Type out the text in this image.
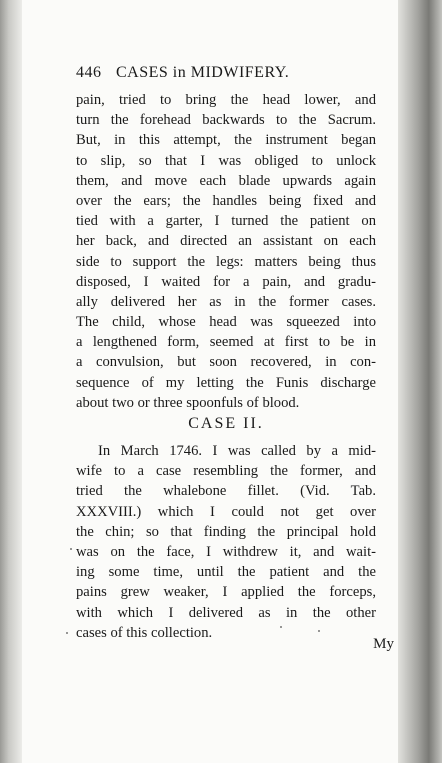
446 CASES in MIDWIFERY.
pain, tried to bring the head lower, and
turn the forehead backwards to the Sacrum.
But, in this attempt, the instrument began
to slip, so that I was obliged to unlock
them, and move each blade upwards again
over the ears; the handles being fixed and
tied with a garter, I turned the patient on
her back, and directed an assistant on each
side to support the legs: matters being thus
disposed, I waited for a pain, and gradu-
ally delivered her as in the former cases.
The child, whose head was squeezed into
a lengthened form, seemed at first to be in
a convulsion, but soon recovered, in con-
sequence of my letting the Funis discharge
about two or three spoonfuls of blood.
CASE II.
In March 1746. I was called by a mid-
wife to a case resembling the former, and
tried the whalebone fillet. (Vid. Tab.
XXXVIII.) which I could not get over
the chin; so that finding the principal hold
was on the face, I withdrew it, and wait-
ing some time, until the patient and the
pains grew weaker, I applied the forceps,
with which I delivered as in the other
cases of this collection.
My
